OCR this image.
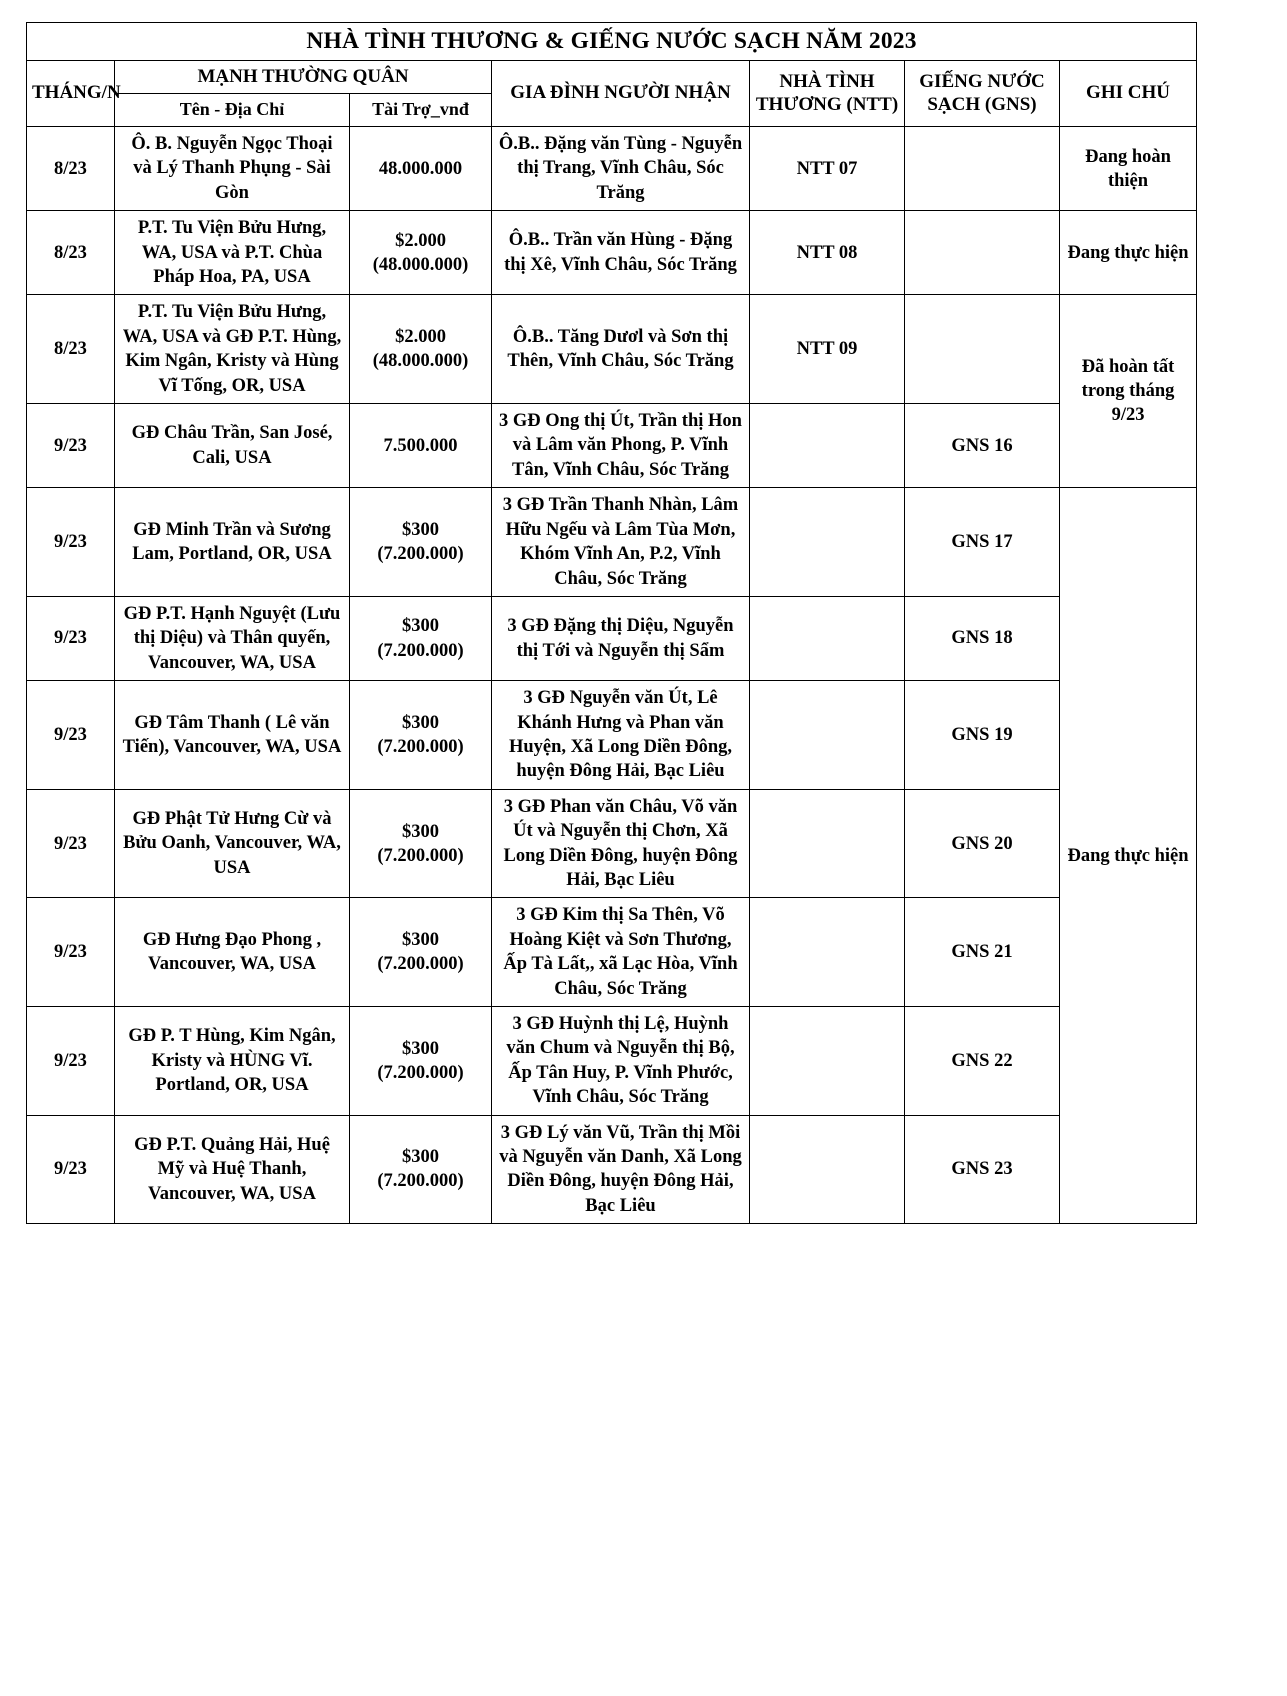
NHÀ TÌNH THƯƠNG & GIẾNG NƯỚC SẠCH NĂM 2023						
THÁNG/N	MẠNH THƯỜNG QUÂN		GIA ĐÌNH NGƯỜI NHẬN	NHÀ TÌNH THƯƠNG (NTT)	GIẾNG NƯỚC SẠCH (GNS)	GHI CHÚ
	Tên - Địa Chỉ	Tài Trợ_vnđ				
8/23	Ô. B. Nguyễn Ngọc Thoại và Lý Thanh Phụng - Sài Gòn	48.000.000	Ô.B.. Đặng văn Tùng - Nguyễn thị Trang, Vĩnh Châu, Sóc Trăng	NTT 07		Đang hoàn thiện
8/23	P.T. Tu Viện Bửu Hưng, WA, USA và P.T. Chùa Pháp Hoa, PA, USA	$2.000
(48.000.000)	Ô.B.. Trần văn Hùng - Đặng thị Xê, Vĩnh Châu, Sóc Trăng	NTT 08		Đang thực hiện
8/23	P.T. Tu Viện Bửu Hưng, WA, USA và GĐ P.T. Hùng, Kim Ngân, Kristy và Hùng Vĩ Tống, OR, USA	$2.000
(48.000.000)	Ô.B.. Tăng Dươl và Sơn thị Thên, Vĩnh Châu, Sóc Trăng	NTT 09		Đã hoàn tất trong tháng 9/23
9/23	GĐ Châu Trần, San José, Cali, USA	7.500.000	3 GĐ Ong thị Út, Trần thị Hon và Lâm văn Phong, P. Vĩnh Tân, Vĩnh Châu, Sóc Trăng		GNS 16	
9/23	GĐ Minh Trần và Sương Lam, Portland, OR, USA	$300
(7.200.000)	3 GĐ Trần Thanh Nhàn, Lâm Hữu Ngếu và Lâm Tùa Mơn, Khóm Vĩnh An, P.2, Vĩnh Châu, Sóc Trăng		GNS 17	Đang thực hiện
9/23	GĐ P.T. Hạnh Nguyệt (Lưu thị Diệu) và Thân quyến, Vancouver, WA, USA	$300
(7.200.000)	3 GĐ Đặng thị Diệu, Nguyễn thị Tới và Nguyễn thị Sẩm		GNS 18	
9/23	GĐ Tâm Thanh ( Lê văn Tiến), Vancouver, WA, USA	$300
(7.200.000)	3 GĐ Nguyễn văn Út, Lê Khánh Hưng và Phan văn Huyện, Xã Long Diền Đông, huyện Đông Hải, Bạc Liêu		GNS 19	
9/23	GĐ Phật Tử Hưng Cừ và Bửu Oanh, Vancouver, WA, USA	$300
(7.200.000)	3 GĐ Phan văn Châu, Võ văn Út và Nguyễn thị Chơn, Xã Long Diền Đông, huyện Đông Hải, Bạc Liêu		GNS 20	
9/23	GĐ Hưng Đạo Phong , Vancouver, WA, USA	$300
(7.200.000)	3 GĐ Kim thị Sa Thên, Võ Hoàng Kiệt và Sơn Thương, Ấp Tà Lất,, xã Lạc Hòa, Vĩnh Châu, Sóc Trăng		GNS 21	
9/23	GĐ P. T Hùng, Kim Ngân, Kristy và HÙNG Vĩ. Portland, OR, USA	$300
(7.200.000)	3 GĐ Huỳnh thị Lệ, Huỳnh văn Chum và Nguyễn thị Bộ, Ấp Tân Huy, P. Vĩnh Phước, Vĩnh Châu, Sóc Trăng		GNS 22	
9/23	GĐ P.T. Quảng Hải, Huệ Mỹ và Huệ Thanh, Vancouver, WA, USA	$300
(7.200.000)	3 GĐ Lý văn Vũ, Trần thị Mồi và Nguyễn văn Danh, Xã Long Diền Đông, huyện Đông Hải, Bạc Liêu		GNS 23	
